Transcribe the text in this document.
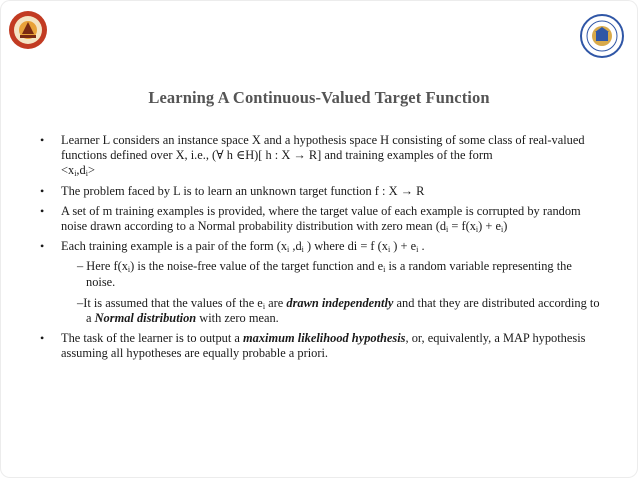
Learning A Continuous-Valued Target Function
• Learner L considers an instance space X and a hypothesis space H consisting of some class of real-valued functions defined over X, i.e., (∀ h ∈H)[ h : X → R] and training examples of the form
$<x_i,d_i>$
• The problem faced by L is to learn an unknown target function f : X → R
• A set of m training examples is provided, where the target value of each example is corrupted by random noise drawn according to a Normal probability distribution with zero mean $(d_i = f(x_i) + e_i)$
• Each training example is a pair of the form ($x_i$ $,d_i$ ) where di = f ($x_i$ ) + $e_i$ .
– Here $f(x_i)$ is the noise-free value of the target function and $e_i$ is a random variable representing the noise.
–It is assumed that the values of the $e_i$ are drawn independently and that they are distributed according to a Normal distribution with zero mean.
• The task of the learner is to output a maximum likelihood hypothesis, or, equivalently, a MAP hypothesis assuming all hypotheses are equally probable a priori.
